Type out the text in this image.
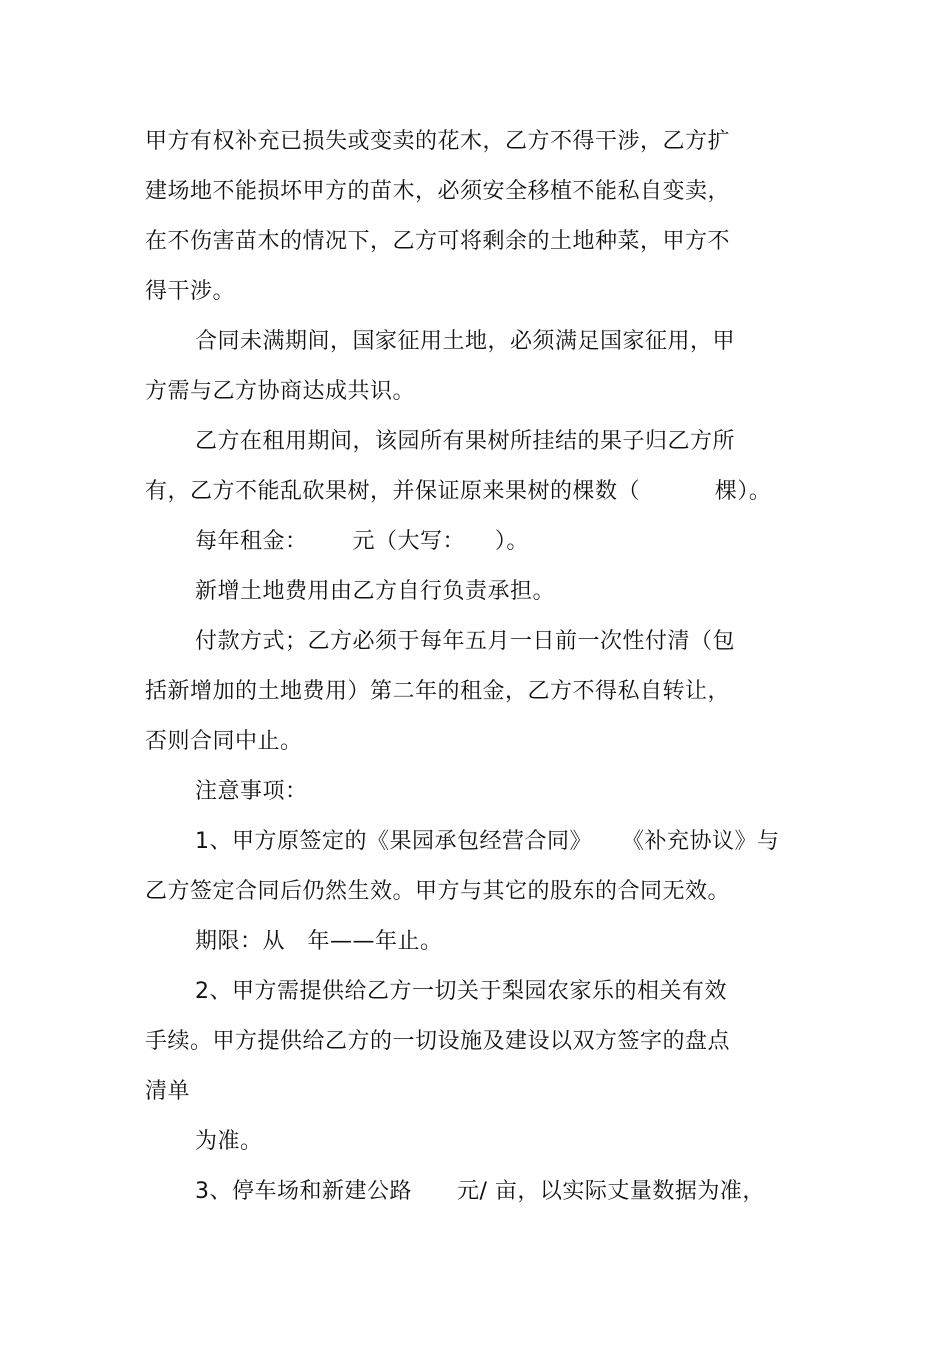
甲方有权补充已损失或变卖的花木，乙方不得干涉，乙方扩
建场地不能损坏甲方的苗木，必须安全移植不能私自变卖，
在不伤害苗木的情况下，乙方可将剩余的土地种菜，甲方不
得干涉。
合同未满期间，国家征用土地，必须满足国家征用，甲
方需与乙方协商达成共识。
乙方在租用期间，该园所有果树所挂结的果子归乙方所
有，乙方不能乱砍果树，并保证原来果树的棵数（          棵）。
每年租金：      元（大写：    ）。
新增土地费用由乙方自行负责承担。
付款方式；乙方必须于每年五月一日前一次性付清（包
括新增加的土地费用）第二年的租金，乙方不得私自转让，
否则合同中止。
注意事项：
1、甲方原签定的《果园承包经营合同》    《补充协议》与
乙方签定合同后仍然生效。甲方与其它的股东的合同无效。
期限：从   年——年止。
2、甲方需提供给乙方一切关于梨园农家乐的相关有效
手续。甲方提供给乙方的一切设施及建设以双方签字的盘点
清单
为准。
3、停车场和新建公路      元/ 亩，以实际丈量数据为准，
